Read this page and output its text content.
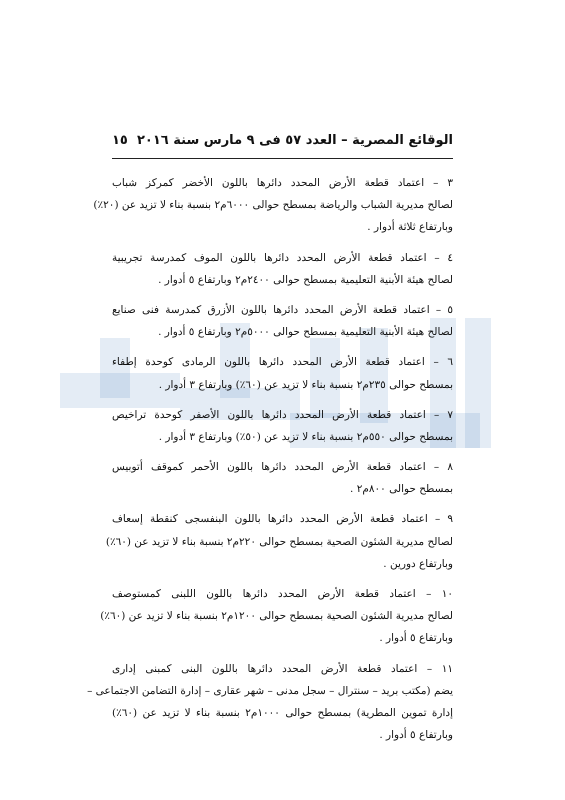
الوقائع المصرية – العدد ٥٧ فى ٩ مارس سنة ٢٠١٦
١٥
٣ – اعتماد قطعة الأرض المحدد دائرها باللون الأخضر كمركز شباب
لصالح مديرية الشباب والرياضة بمسطح حوالى ٦٠٠٠م٢ بنسبة بناء لا تزيد عن (٢٠٪)
وبارتفاع ثلاثة أدوار .
٤ – اعتماد قطعة الأرض المحدد دائرها باللون الموف كمدرسة تجريبية
لصالح هيئة الأبنية التعليمية بمسطح حوالى ٢٤٠٠م٢ وبارتفاع ٥ أدوار .
٥ – اعتماد قطعة الأرض المحدد دائرها باللون الأزرق كمدرسة فنى صنايع
لصالح هيئة الأبنية التعليمية بمسطح حوالى ٥٠٠٠م٢ وبارتفاع ٥ أدوار .
٦ – اعتماد قطعة الأرض المحدد دائرها باللون الرمادى كوحدة إطفاء
بمسطح حوالى ٢٣٥م٢ بنسبة بناء لا تزيد عن (٦٠٪) وبارتفاع ٣ أدوار .
٧ – اعتماد قطعة الأرض المحدد دائرها باللون الأصفر كوحدة تراخيص
بمسطح حوالى ٥٥٠م٢ بنسبة بناء لا تزيد عن (٥٠٪) وبارتفاع ٣ أدوار .
٨ – اعتماد قطعة الأرض المحدد دائرها باللون الأحمر كموقف أتوبيس
بمسطح حوالى ٨٠٠م٢ .
٩ – اعتماد قطعة الأرض المحدد دائرها باللون البنفسجى كنقطة إسعاف
لصالح مديرية الشئون الصحية بمسطح حوالى ٢٢٠م٢ بنسبة بناء لا تزيد عن (٦٠٪)
وبارتفاع دورين .
١٠ – اعتماد قطعة الأرض المحدد دائرها باللون اللبنى كمستوصف
لصالح مديرية الشئون الصحية بمسطح حوالى ١٢٠٠م٢ بنسبة بناء لا تزيد عن (٦٠٪)
وبارتفاع ٥ أدوار .
١١ – اعتماد قطعة الأرض المحدد دائرها باللون البنى كمبنى إدارى
يضم (مكتب بريد – سنترال – سجل مدنى – شهر عقارى – إدارة التضامن الاجتماعى –
إدارة تموين المطرية) بمسطح حوالى ١٠٠٠م٢ بنسبة بناء لا تزيد عن (٦٠٪)
وبارتفاع ٥ أدوار .
